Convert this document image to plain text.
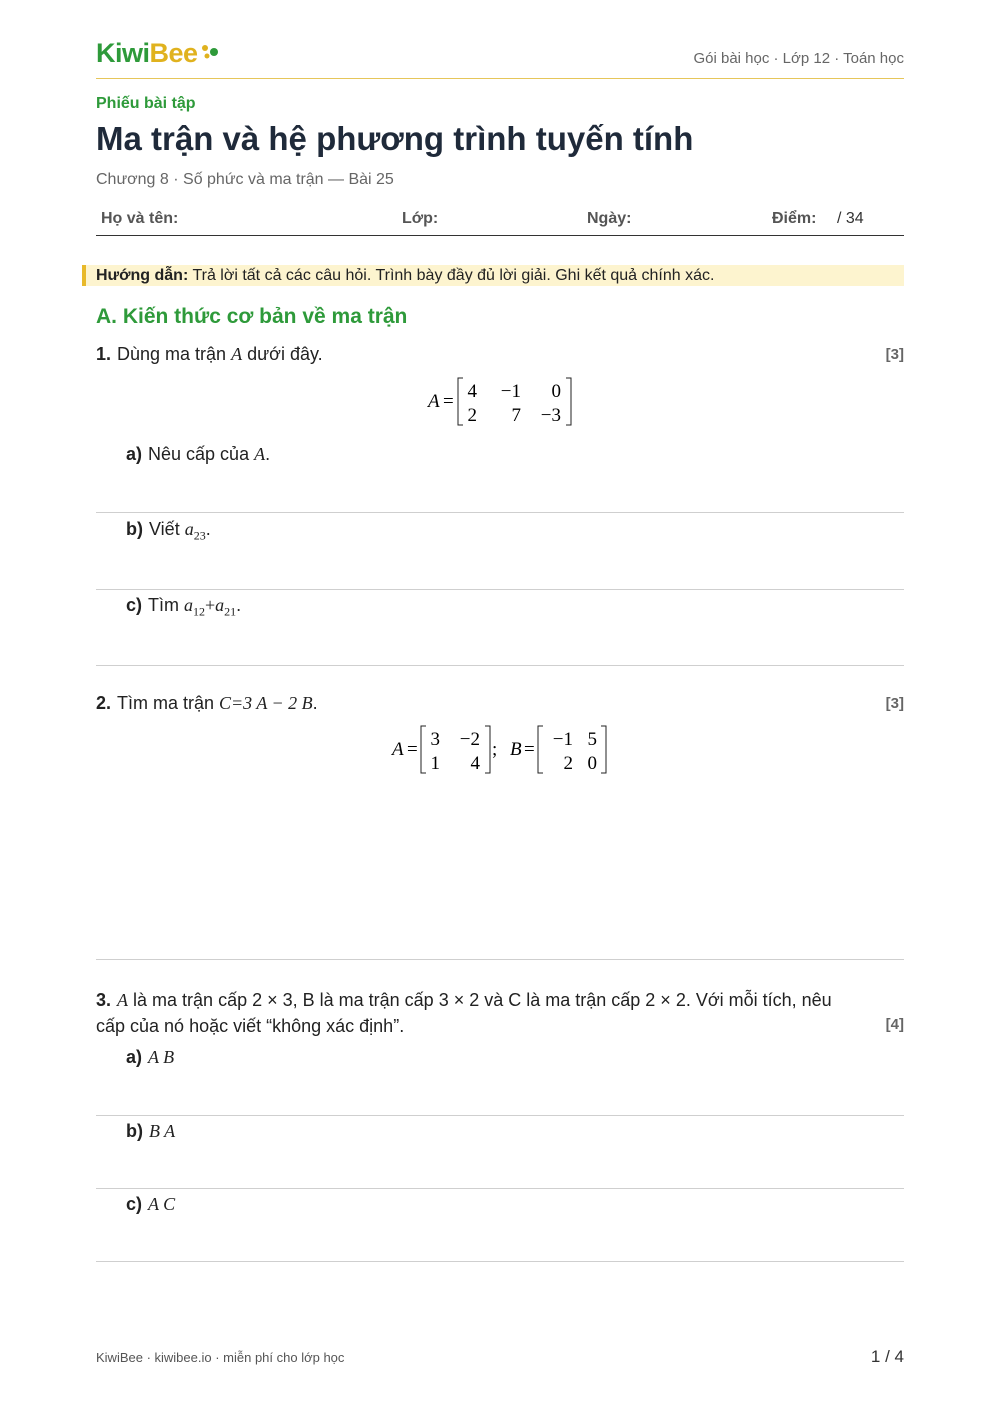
KiwiBee	Gói bài học · Lớp 12 · Toán học
Phiếu bài tập
Ma trận và hệ phương trình tuyến tính
Chương 8 · Số phức và ma trận — Bài 25
Họ và tên:	Lớp:	Ngày:	Điểm: / 34
Hướng dẫn: Trả lời tất cả các câu hỏi. Trình bày đầy đủ lời giải. Ghi kết quả chính xác.
A. Kiến thức cơ bản về ma trận
1. Dùng ma trận A dưới đây.	[3]
A = 4 −1 0
2 7 −3
a) Nêu cấp của A.
b) Viết $a_{23}$.
c) Tìm $a_{12}+a_{21}$.
2. Tìm ma trận C=3 A − 2 B.	[3]
A =	; B =
3 −2
1 4
−1 5
2 0
3. A là ma trận cấp 2 × 3, B là ma trận cấp 3 × 2 và C là ma trận cấp 2 × 2. Với mỗi tích, nêu
cấp của nó hoặc viết “không xác định”.	[4]
a) A B
b) B A
c) A C
KiwiBee · kiwibee.io · miễn phí cho lớp học	1 / 4
